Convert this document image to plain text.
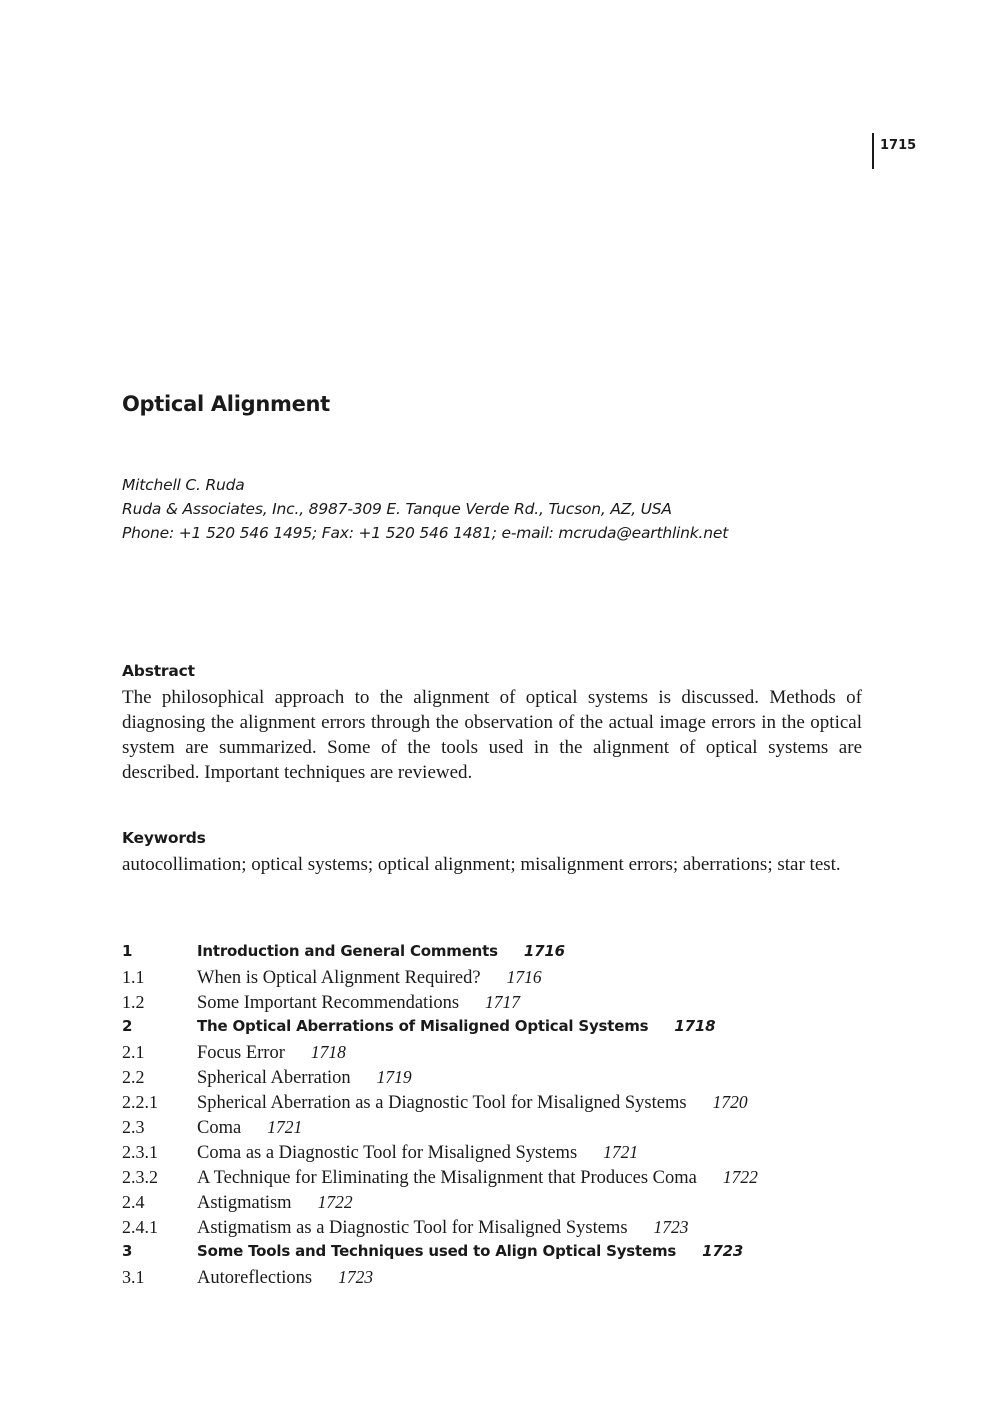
1715
Optical Alignment
Mitchell C. Ruda
Ruda & Associates, Inc., 8987-309 E. Tanque Verde Rd., Tucson, AZ, USA
Phone: +1 520 546 1495; Fax: +1 520 546 1481; e-mail: mcruda@earthlink.net
Abstract
The philosophical approach to the alignment of optical systems is discussed. Methods of diagnosing the alignment errors through the observation of the actual image errors in the optical system are summarized. Some of the tools used in the alignment of optical systems are described. Important techniques are reviewed.
Keywords
autocollimation; optical systems; optical alignment; misalignment errors; aberrations; star test.
1	Introduction and General Comments 1716
1.1	When is Optical Alignment Required? 1716
1.2	Some Important Recommendations 1717
2	The Optical Aberrations of Misaligned Optical Systems 1718
2.1	Focus Error 1718
2.2	Spherical Aberration 1719
2.2.1	Spherical Aberration as a Diagnostic Tool for Misaligned Systems 1720
2.3	Coma 1721
2.3.1	Coma as a Diagnostic Tool for Misaligned Systems 1721
2.3.2	A Technique for Eliminating the Misalignment that Produces Coma 1722
2.4	Astigmatism 1722
2.4.1	Astigmatism as a Diagnostic Tool for Misaligned Systems 1723
3	Some Tools and Techniques used to Align Optical Systems 1723
3.1	Autoreflections 1723
